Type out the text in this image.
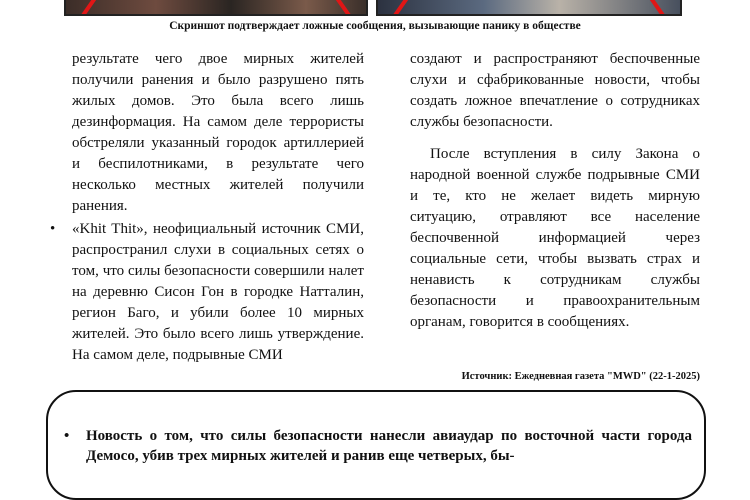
Скриншот подтверждает ложные сообщения, вызывающие панику в обществе

результате чего двое мирных жителей получили ранения и было разрушено пять жилых домов. Это была всего лишь дезинформация. На самом деле террористы обстреляли указанный городок артиллерией и беспилотниками, в результате чего несколько местных жителей получили ранения.

• «Khit Thit», неофициальный источник СМИ, распространил слухи в социальных сетях о том, что силы безопасности совершили налет на деревню Сисон Гон в городке Натталин, регион Баго, и убили более 10 мирных жителей. Это было всего лишь утверждение. На самом деле, подрывные СМИ

создают и распространяют беспочвенные слухи и сфабрикованные новости, чтобы создать ложное впечатление о сотрудниках службы безопасности.

После вступления в силу Закона о народной военной службе подрывные СМИ и те, кто не желает видеть мирную ситуацию, отравляют все население беспочвенной информацией через социальные сети, чтобы вызвать страх и ненависть к сотрудникам службы безопасности и правоохранительным органам, говорится в сообщениях.

Источник: Ежедневная газета "MWD" (22-1-2025)

• Новость о том, что силы безопасности нанесли авиаудар по восточной части города Демосо, убив трех мирных жителей и ранив еще четверых, бы-
